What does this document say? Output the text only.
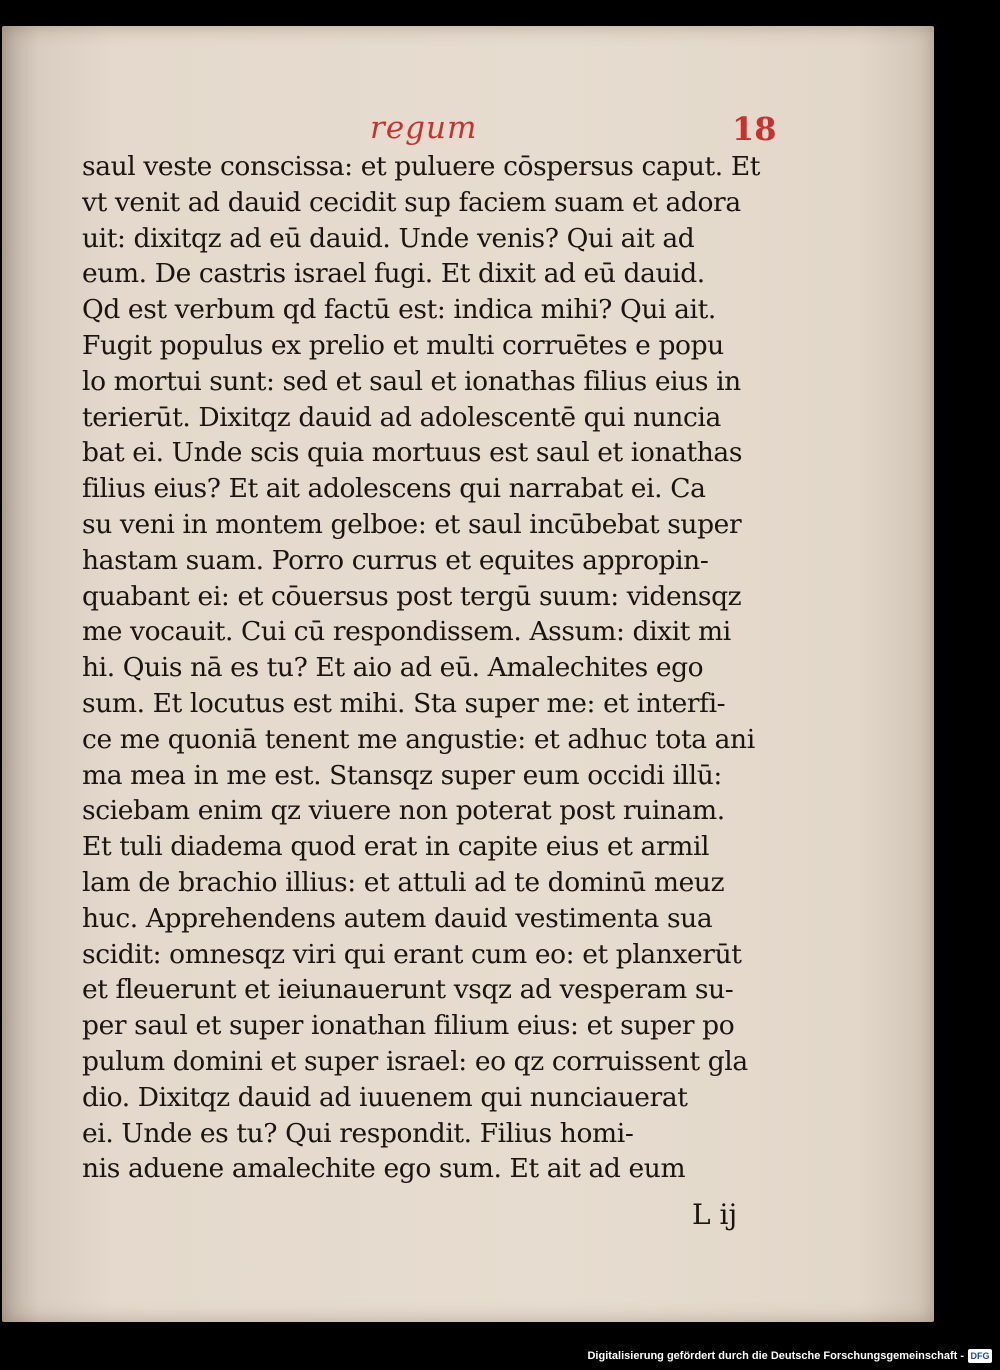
regum	18
saul veste conscissa: et puluere cōspersus caput. Et
vt venit ad dauid cecidit sup faciem suam et adora
uit: dixitqz ad eū dauid. Unde venis? Qui ait ad
eum. De castris israel fugi. Et dixit ad eū dauid.
Qd est verbum qd factū est: indica mihi? Qui ait.
Fugit populus ex prelio et multi corruētes e popu
lo mortui sunt: sed et saul et ionathas filius eius in
terierūt. Dixitqz dauid ad adolescentē qui nuncia
bat ei. Unde scis quia mortuus est saul et ionathas
filius eius? Et ait adolescens qui narrabat ei. Ca
su veni in montem gelboe: et saul incūbebat super
hastam suam. Porro currus et equites appropin-
quabant ei: et cōuersus post tergū suum: vidensqz
me vocauit. Cui cū respondissem. Assum: dixit mi
hi. Quis nā es tu? Et aio ad eū. Amalechites ego
sum. Et locutus est mihi. Sta super me: et interfi-
ce me quoniā tenent me angustie: et adhuc tota ani
ma mea in me est. Stansqz super eum occidi illū:
sciebam enim qz viuere non poterat post ruinam.
Et tuli diadema quod erat in capite eius et armil
lam de brachio illius: et attuli ad te dominū meuz
huc. Apprehendens autem dauid vestimenta sua
scidit: omnesqz viri qui erant cum eo: et planxerūt
et fleuerunt et ieiunauerunt vsqz ad vesperam su-
per saul et super ionathan filium eius: et super po
pulum domini et super israel: eo qz corruissent gla
dio. Dixitqz dauid ad iuuenem qui nunciauerat
ei. Unde es tu? Qui respondit. Filius homi-
nis aduene amalechite ego sum. Et ait ad eum
L ij
Digitalisierung gefördert durch die Deutsche Forschungsgemeinschaft - DFG
